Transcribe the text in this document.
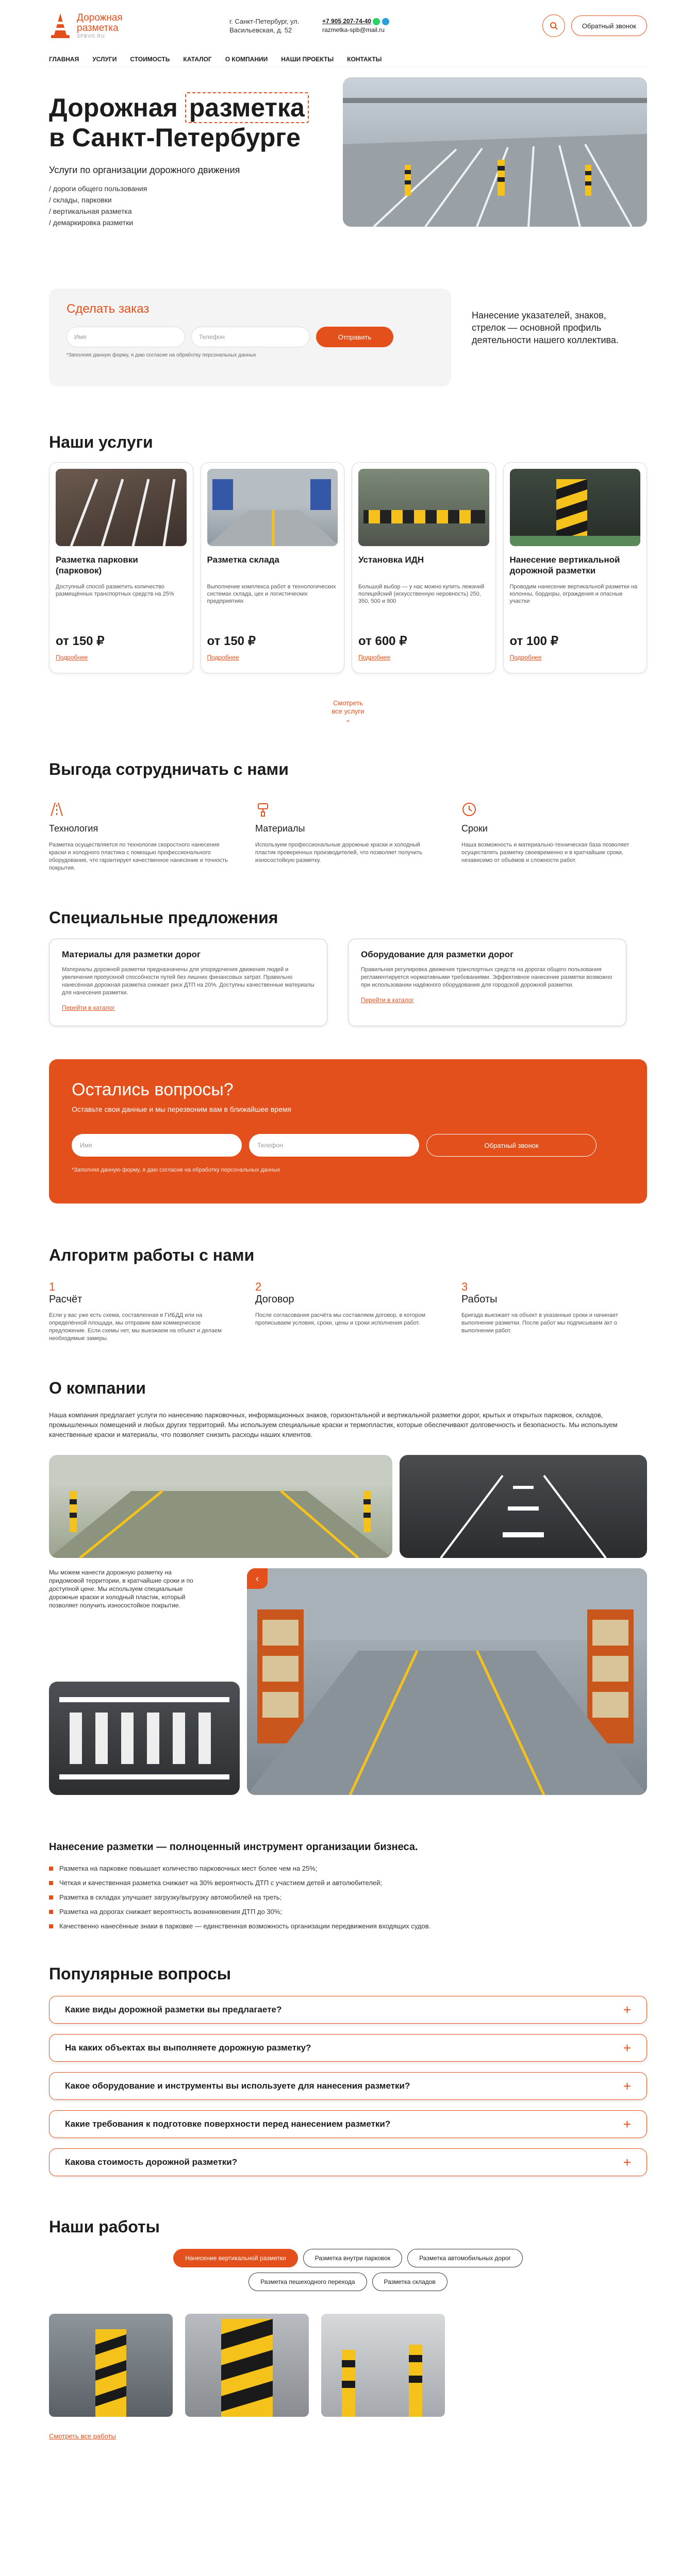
Дорожная разметка
SPBVO.RU
г. Санкт-Петербург, ул. Васильевская, д. 52
+7 905 207-74-40
razmetka-spb@mail.ru
Обратный звонок
ГЛАВНАЯ УСЛУГИ СТОИМОСТЬ КАТАЛОГ О КОМПАНИИ НАШИ ПРОЕКТЫ КОНТАКТЫ
Дорожная разметка
в Санкт-Петербурге
Услуги по организации дорожного движения
/ дороги общего пользования
/ склады, парковки
/ вертикальная разметка
/ демаркировка разметки
Сделать заказ
Имя	Телефон	Отправить
*Заполняя данную форму, я даю согласие на обработку персональных данных
Нанесение указателей, знаков, стрелок — основной профиль деятельности нашего коллектива.
Наши услуги
Разметка парковки (парковок)

Доступный способ разметить количество размещённых транспортных средств на 25%

от 150 ₽
Подробнее
Разметка склада

Выполнение комплекса работ в технологических системах склада, цех и логистических предприятиях

от 150 ₽
Подробнее
Установка ИДН

Большой выбор — у нас можно купить лежачий полицейский (искусственную неровность) 250, 350, 500 и 900

от 600 ₽
Подробнее
Нанесение вертикальной дорожной разметки

Проводим нанесение вертикальной разметки на колонны, бордюры, ограждения и опасные участки

от 100 ₽
Подробнее
Смотреть все услуги
⌄
Выгода сотрудничать с нами
Технология

Разметка осуществляется по технологии скоростного нанесения краски и холодного пластика с помощью профессионального оборудования, что гарантирует качественное нанесение и точность покрытия.

Материалы

Используем профессиональные дорожные краски и холодный пластик проверенных производителей, что позволяет получить износостойкую разметку.

Сроки

Наша возможность и материально-техническая база позволяет осуществлять разметку своевременно и в кратчайшие сроки, независимо от объёмов и сложности работ.

Специальные предложения
Материалы для разметки дорог

Материалы дорожной разметки предназначены для упорядочения движения людей и увеличения пропускной способности путей без лишних финансовых затрат. Правильно нанесённая дорожная разметка снижает риск ДТП на 20%. Доступны качественные материалы для нанесения разметки.

Перейти в каталог
Оборудование для разметки дорог

Правильная регулировка движения транспортных средств на дорогах общего пользования регламентируется нормативными требованиями. Эффективное нанесение разметки возможно при использовании надёжного оборудования для городской дорожной разметки.

Перейти в каталог
Остались вопросы?

Оставьте свои данные и мы перезвоним вам в ближайшее время

Имя	Телефон	Обратный звонок
*Заполняя данную форму, я даю согласие на обработку персональных данных
Алгоритм работы с нами
1
Расчёт

Если у вас уже есть схема, составленная в ГИБДД или на определённой площади, мы отправим вам коммерческое предложение. Если схемы нет, мы выезжаем на объект и делаем необходимые замеры.

2
Договор

После согласования расчёта мы составляем договор, в котором прописываем условия, сроки, цены и сроки исполнения работ.

3
Работы

Бригада выезжает на объект в указанные сроки и начинает выполнение разметки. После работ мы подписываем акт о выполнении работ.

О компании
Наша компания предлагает услуги по нанесению парковочных, информационных знаков, горизонтальной и вертикальной разметки дорог, крытых и открытых парковок, складов, промышленных помещений и любых других территорий. Мы используем специальные краски и термопластик, которые обеспечивают долговечность и безопасность. Мы используем качественные краски и материалы, что позволяет снизить расходы наших клиентов.
Мы можем нанести дорожную разметку на придомовой территории, в кратчайшие сроки и по доступной цене. Мы используем специальные дорожные краски и холодный пластик, который позволяет получить износостойкое покрытие.
‹
Нанесение разметки — полноценный инструмент организации бизнеса.
Разметка на парковке повышает количество парковочных мест более чем на 25%;
Четкая и качественная разметка снижает на 30% вероятность ДТП с участием детей и автолюбителей;
Разметка в складах улучшает загрузку/выгрузку автомобилей на треть;
Разметка на дорогах снижает вероятность возникновения ДТП до 30%;
Качественно нанесённые знаки в парковке — единственная возможность организации передвижения входящих судов.
Популярные вопросы
Какие виды дорожной разметки вы предлагаете?	+
На каких объектах вы выполняете дорожную разметку?	+
Какое оборудование и инструменты вы используете для нанесения разметки?	+
Какие требования к подготовке поверхности перед нанесением разметки?	+
Какова стоимость дорожной разметки?	+
Наши работы
Нанесение вертикальной разметки	Разметка внутри парковок	Разметка автомобильных дорог
Разметка пешеходного перехода	Разметка складов
Смотреть все работы
